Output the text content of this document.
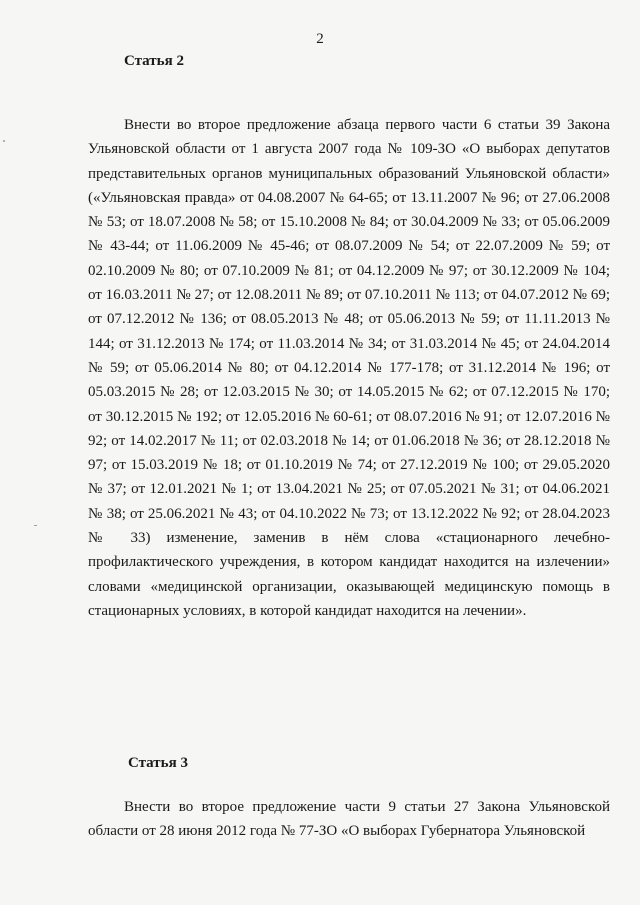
2
Статья 2

Внести во второе предложение абзаца первого части 6 статьи 39 Закона Ульяновской области от 1 августа 2007 года № 109-ЗО «О выборах депутатов представительных органов муниципальных образований Ульяновской области» («Ульяновская правда» от 04.08.2007 № 64-65; от 13.11.2007 № 96; от 27.06.2008 № 53; от 18.07.2008 № 58; от 15.10.2008 № 84; от 30.04.2009 № 33; от 05.06.2009 № 43-44; от 11.06.2009 № 45-46; от 08.07.2009 № 54; от 22.07.2009 № 59; от 02.10.2009 № 80; от 07.10.2009 № 81; от 04.12.2009 № 97; от 30.12.2009 № 104; от 16.03.2011 № 27; от 12.08.2011 № 89; от 07.10.2011 № 113; от 04.07.2012 № 69; от 07.12.2012 № 136; от 08.05.2013 № 48; от 05.06.2013 № 59; от 11.11.2013 № 144; от 31.12.2013 № 174; от 11.03.2014 № 34; от 31.03.2014 № 45; от 24.04.2014 № 59; от 05.06.2014 № 80; от 04.12.2014 № 177-178; от 31.12.2014 № 196; от 05.03.2015 № 28; от 12.03.2015 № 30; от 14.05.2015 № 62; от 07.12.2015 № 170; от 30.12.2015 № 192; от 12.05.2016 № 60-61; от 08.07.2016 № 91; от 12.07.2016 № 92; от 14.02.2017 № 11; от 02.03.2018 № 14; от 01.06.2018 № 36; от 28.12.2018 № 97; от 15.03.2019 № 18; от 01.10.2019 № 74; от 27.12.2019 № 100; от 29.05.2020 № 37; от 12.01.2021 № 1; от 13.04.2021 № 25; от 07.05.2021 № 31; от 04.06.2021 № 38; от 25.06.2021 № 43; от 04.10.2022 № 73; от 13.12.2022 № 92; от 28.04.2023 № 33) изменение, заменив в нём слова «стационарного лечебно-профилактического учреждения, в котором кандидат находится на излечении» словами «медицинской организации, оказывающей медицинскую помощь в стационарных условиях, в которой кандидат находится на лечении».

Статья 3

Внести во второе предложение части 9 статьи 27 Закона Ульяновской области от 28 июня 2012 года № 77-ЗО «О выборах Губернатора Ульяновской
